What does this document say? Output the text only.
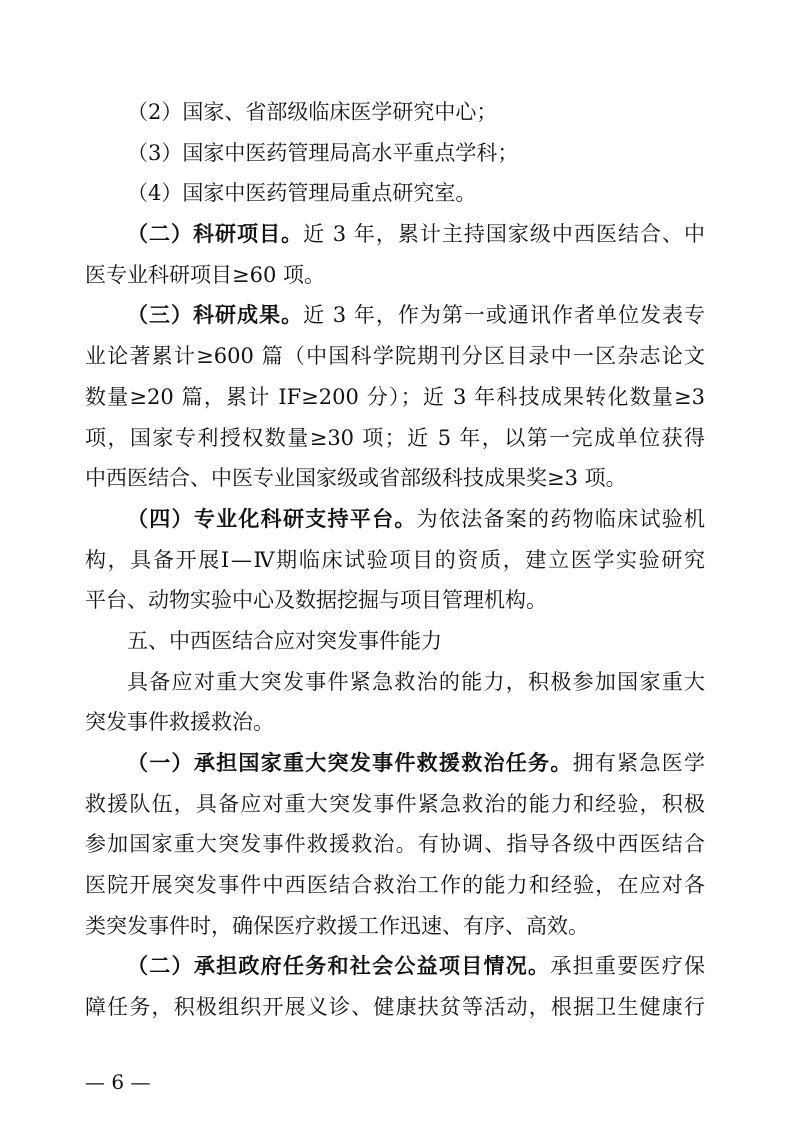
（2）国家、省部级临床医学研究中心；
（3）国家中医药管理局高水平重点学科；
（4）国家中医药管理局重点研究室。
（二）科研项目。近 3 年，累计主持国家级中西医结合、中
医专业科研项目≥60 项。
（三）科研成果。近 3 年，作为第一或通讯作者单位发表专
业论著累计≥600 篇（中国科学院期刊分区目录中一区杂志论文
数量≥20 篇，累计 IF≥200 分）；近 3 年科技成果转化数量≥3
项，国家专利授权数量≥30 项；近 5 年，以第一完成单位获得
中西医结合、中医专业国家级或省部级科技成果奖≥3 项。
（四）专业化科研支持平台。为依法备案的药物临床试验机
构，具备开展Ⅰ—Ⅳ期临床试验项目的资质，建立医学实验研究
平台、动物实验中心及数据挖掘与项目管理机构。
五、中西医结合应对突发事件能力
具备应对重大突发事件紧急救治的能力，积极参加国家重大
突发事件救援救治。
（一）承担国家重大突发事件救援救治任务。拥有紧急医学
救援队伍，具备应对重大突发事件紧急救治的能力和经验，积极
参加国家重大突发事件救援救治。有协调、指导各级中西医结合
医院开展突发事件中西医结合救治工作的能力和经验，在应对各
类突发事件时，确保医疗救援工作迅速、有序、高效。
（二）承担政府任务和社会公益项目情况。承担重要医疗保
障任务，积极组织开展义诊、健康扶贫等活动，根据卫生健康行
— 6 —
